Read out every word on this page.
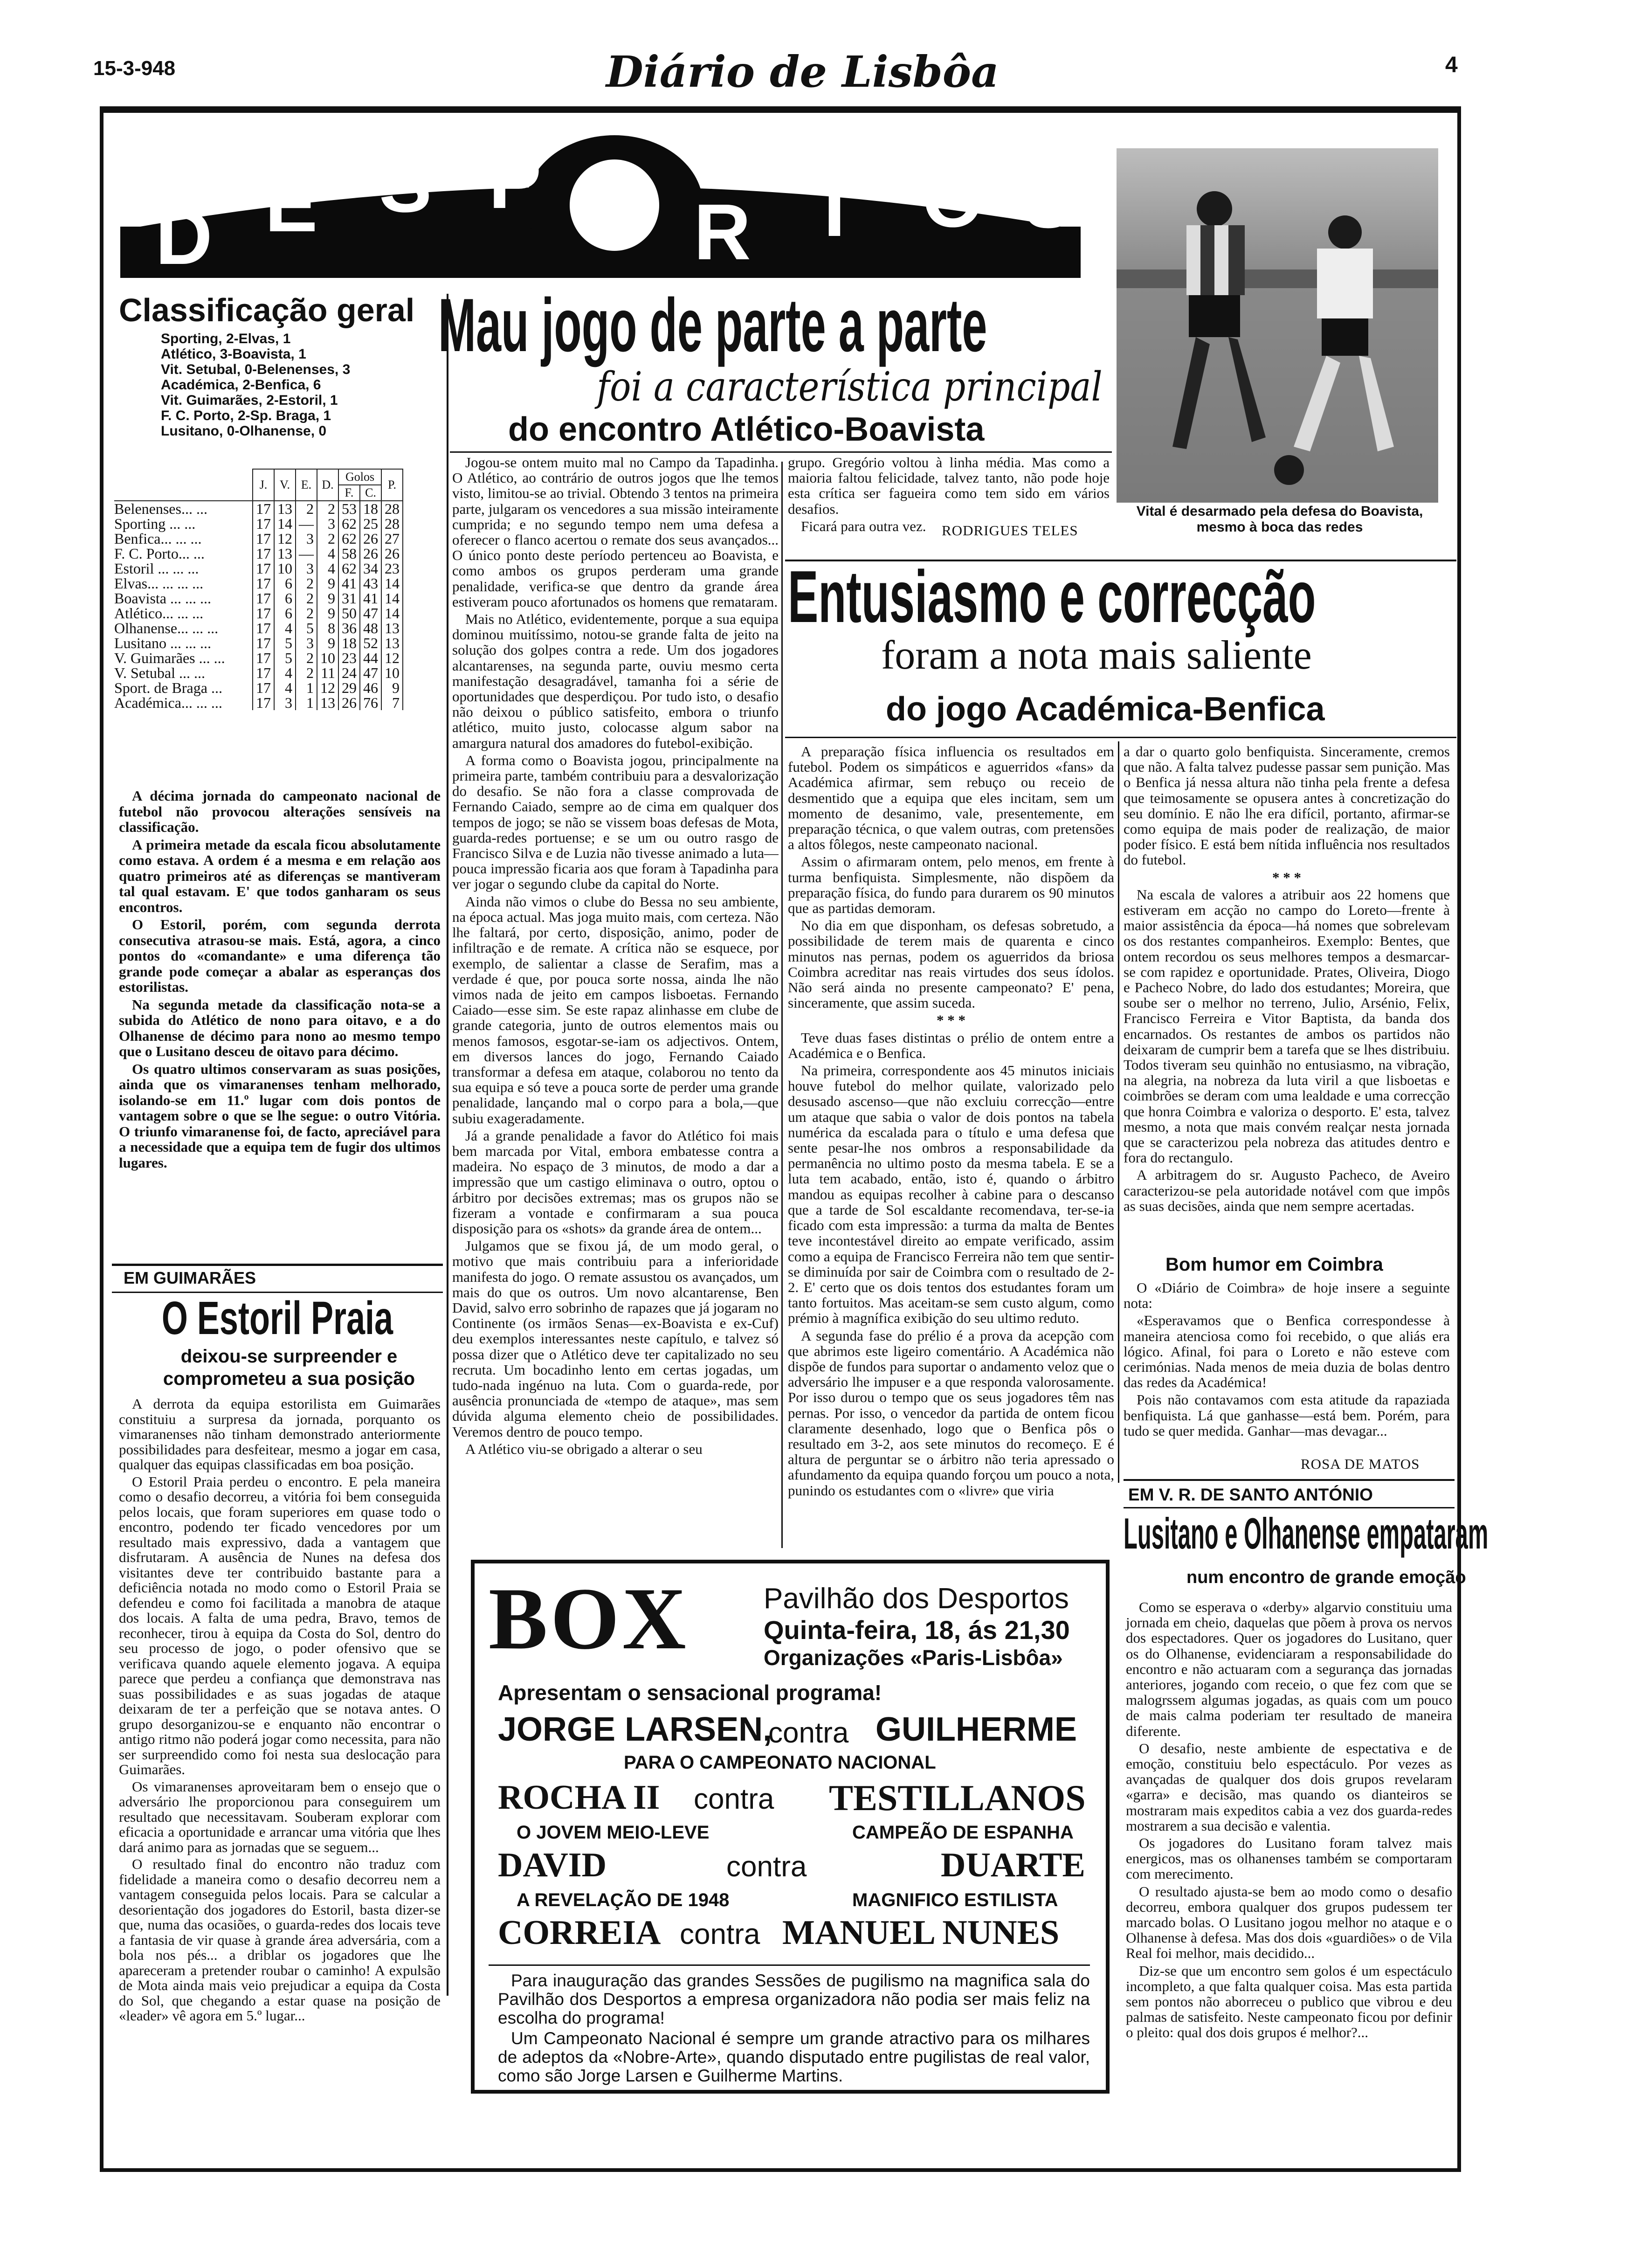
15-3-948	Diário de Lisbôa	4
D E S P
R T O S
Classificação geral
Sporting, 2-Elvas, 1
Atlético, 3-Boavista, 1
Vit. Setubal, 0-Belenenses, 3
Académica, 2-Benfica, 6
Vit. Guimarães, 2-Estoril, 1
F. C. Porto, 2-Sp. Braga, 1
Lusitano, 0-Olhanense, 0
	J.	V.	E.	D.	Golos		P.
					F.	C.	
Belenenses... ...	17	13	2	2	53	18	28
Sporting ... ...	17	14	—	3	62	25	28
Benfica... ... ...	17	12	3	2	62	26	27
F. C. Porto... ...	17	13	—	4	58	26	26
Estoril ... ... ...	17	10	3	4	62	34	23
Elvas... ... ... ...	17	6	2	9	41	43	14
Boavista ... ... ...	17	6	2	9	31	41	14
Atlético... ... ...	17	6	2	9	50	47	14
Olhanense... ... ...	17	4	5	8	36	48	13
Lusitano ... ... ...	17	5	3	9	18	52	13
V. Guimarães ... ...	17	5	2	10	23	44	12
V. Setubal ... ...	17	4	2	11	24	47	10
Sport. de Braga ...	17	4	1	12	29	46	9
Académica... ... ...	17	3	1	13	26	76	7

A décima jornada do campeonato nacional de futebol não provocou alterações sensíveis na classificação.

A primeira metade da escala ficou absolutamente como estava. A ordem é a mesma e em relação aos quatro primeiros até as diferenças se mantiveram tal qual estavam. E' que todos ganharam os seus encontros.

O Estoril, porém, com segunda derrota consecutiva atrasou-se mais. Está, agora, a cinco pontos do «comandante» e uma diferença tão grande pode começar a abalar as esperanças dos estorilistas.

Na segunda metade da classificação nota-se a subida do Atlético de nono para oitavo, e a do Olhanense de décimo para nono ao mesmo tempo que o Lusitano desceu de oitavo para décimo.

Os quatro ultimos conservaram as suas posições, ainda que os vimaranenses tenham melhorado, isolando-se em 11.º lugar com dois pontos de vantagem sobre o que se lhe segue: o outro Vitória. O triunfo vimaranense foi, de facto, apreciável para a necessidade que a equipa tem de fugir dos ultimos lugares.

EM GUIMARÃES
O Estoril Praia
deixou-se surpreender e comprometeu a sua posição

A derrota da equipa estorilista em Guimarães constituiu a surpresa da jornada, porquanto os vimaranenses não tinham demonstrado anteriormente possibilidades para desfeitear, mesmo a jogar em casa, qualquer das equipas classificadas em boa posição.

O Estoril Praia perdeu o encontro. E pela maneira como o desafio decorreu, a vitória foi bem conseguida pelos locais, que foram superiores em quase todo o encontro, podendo ter ficado vencedores por um resultado mais expressivo, dada a vantagem que disfrutaram. A ausência de Nunes na defesa dos visitantes deve ter contribuido bastante para a deficiência notada no modo como o Estoril Praia se defendeu e como foi facilitada a manobra de ataque dos locais. A falta de uma pedra, Bravo, temos de reconhecer, tirou à equipa da Costa do Sol, dentro do seu processo de jogo, o poder ofensivo que se verificava quando aquele elemento jogava. A equipa parece que perdeu a confiança que demonstrava nas suas possibilidades e as suas jogadas de ataque deixaram de ter a perfeição que se notava antes. O grupo desorganizou-se e enquanto não encontrar o antigo ritmo não poderá jogar como necessita, para não ser surpreendido como foi nesta sua deslocação para Guimarães.

Os vimaranenses aproveitaram bem o ensejo que o adversário lhe proporcionou para conseguirem um resultado que necessitavam. Souberam explorar com eficacia a oportunidade e arrancar uma vitória que lhes dará animo para as jornadas que se seguem...

O resultado final do encontro não traduz com fidelidade a maneira como o desafio decorreu nem a vantagem conseguida pelos locais. Para se calcular a desorientação dos jogadores do Estoril, basta dizer-se que, numa das ocasiões, o guarda-redes dos locais teve a fantasia de vir quase à grande área adversária, com a bola nos pés... a driblar os jogadores que lhe apareceram a pretender roubar o caminho! A expulsão de Mota ainda mais veio prejudicar a equipa da Costa do Sol, que chegando a estar quase na posição de «leader» vê agora em 5.º lugar...

Mau jogo de parte a parte
foi a característica principal
do encontro Atlético-Boavista

Jogou-se ontem muito mal no Campo da Tapadinha. O Atlético, ao contrário de outros jogos que lhe temos visto, limitou-se ao trivial. Obtendo 3 tentos na primeira parte, julgaram os vencedores a sua missão inteiramente cumprida; e no segundo tempo nem uma defesa a oferecer o flanco acertou o remate dos seus avançados... O único ponto deste período pertenceu ao Boavista, e como ambos os grupos perderam uma grande penalidade, verifica-se que dentro da grande área estiveram pouco afortunados os homens que remataram.

Mais no Atlético, evidentemente, porque a sua equipa dominou muitíssimo, notou-se grande falta de jeito na solução dos golpes contra a rede. Um dos jogadores alcantarenses, na segunda parte, ouviu mesmo certa manifestação desagradável, tamanha foi a série de oportunidades que desperdiçou. Por tudo isto, o desafio não deixou o público satisfeito, embora o triunfo atlético, muito justo, colocasse algum sabor na amargura natural dos amadores do futebol-exibição.

A forma como o Boavista jogou, principalmente na primeira parte, também contribuiu para a desvalorização do desafio. Se não fora a classe comprovada de Fernando Caiado, sempre ao de cima em qualquer dos tempos de jogo; se não se vissem boas defesas de Mota, guarda-redes portuense; e se um ou outro rasgo de Francisco Silva e de Luzia não tivesse animado a luta—pouca impressão ficaria aos que foram à Tapadinha para ver jogar o segundo clube da capital do Norte.

Ainda não vimos o clube do Bessa no seu ambiente, na época actual. Mas joga muito mais, com certeza. Não lhe faltará, por certo, disposição, animo, poder de infiltração e de remate. A crítica não se esquece, por exemplo, de salientar a classe de Serafim, mas a verdade é que, por pouca sorte nossa, ainda lhe não vimos nada de jeito em campos lisboetas. Fernando Caiado—esse sim. Se este rapaz alinhasse em clube de grande categoria, junto de outros elementos mais ou menos famosos, esgotar-se-iam os adjectivos. Ontem, em diversos lances do jogo, Fernando Caiado transformar a defesa em ataque, colaborou no tento da sua equipa e só teve a pouca sorte de perder uma grande penalidade, lançando mal o corpo para a bola,—que subiu exageradamente.

Já a grande penalidade a favor do Atlético foi mais bem marcada por Vital, embora embatesse contra a madeira. No espaço de 3 minutos, de modo a dar a impressão que um castigo eliminava o outro, optou o árbitro por decisões extremas; mas os grupos não se fizeram a vontade e confirmaram a sua pouca disposição para os «shots» da grande área de ontem...

Julgamos que se fixou já, de um modo geral, o motivo que mais contribuiu para a inferioridade manifesta do jogo. O remate assustou os avançados, um mais do que os outros. Um novo alcantarense, Ben David, salvo erro sobrinho de rapazes que já jogaram no Continente (os irmãos Senas—ex-Boavista e ex-Cuf) deu exemplos interessantes neste capítulo, e talvez só possa dizer que o Atlético deve ter capitalizado no seu recruta. Um bocadinho lento em certas jogadas, um tudo-nada ingénuo na luta. Com o guarda-rede, por ausência pronunciada de «tempo de ataque», mas sem dúvida alguma elemento cheio de possibilidades. Veremos dentro de pouco tempo.

A Atlético viu-se obrigado a alterar o seu

grupo. Gregório voltou à linha média. Mas como a maioria faltou felicidade, talvez tanto, não pode hoje esta crítica ser fagueira como tem sido em vários desafios.

Ficará para outra vez.	RODRIGUES TELES
Vital é desarmado pela defesa do Boavista, mesmo à boca das redes
Entusiasmo e correcção
foram a nota mais saliente
do jogo Académica-Benfica

A preparação física influencia os resultados em futebol. Podem os simpáticos e aguerridos «fans» da Académica afirmar, sem rebuço ou receio de desmentido que a equipa que eles incitam, sem um momento de desanimo, vale, presentemente, em preparação técnica, o que valem outras, com pretensões a altos fôlegos, neste campeonato nacional.

Assim o afirmaram ontem, pelo menos, em frente à turma benfiquista. Simplesmente, não dispõem da preparação física, do fundo para durarem os 90 minutos que as partidas demoram.

No dia em que disponham, os defesas sobretudo, a possibilidade de terem mais de quarenta e cinco minutos nas pernas, podem os aguerridos da briosa Coimbra acreditar nas reais virtudes dos seus ídolos. Não será ainda no presente campeonato? E' pena, sinceramente, que assim suceda.

* * *

Teve duas fases distintas o prélio de ontem entre a Académica e o Benfica.

Na primeira, correspondente aos 45 minutos iniciais houve futebol do melhor quilate, valorizado pelo desusado ascenso—que não excluiu correcção—entre um ataque que sabia o valor de dois pontos na tabela numérica da escalada para o título e uma defesa que sente pesar-lhe nos ombros a responsabilidade da permanência no ultimo posto da mesma tabela. E se a luta tem acabado, então, isto é, quando o árbitro mandou as equipas recolher à cabine para o descanso que a tarde de Sol escaldante recomendava, ter-se-ia ficado com esta impressão: a turma da malta de Bentes teve incontestável direito ao empate verificado, assim como a equipa de Francisco Ferreira não tem que sentir-se diminuída por sair de Coimbra com o resultado de 2-2. E' certo que os dois tentos dos estudantes foram um tanto fortuitos. Mas aceitam-se sem custo algum, como prémio à magnífica exibição do seu ultimo reduto.

A segunda fase do prélio é a prova da acepção com que abrimos este ligeiro comentário. A Académica não dispõe de fundos para suportar o andamento veloz que o adversário lhe impuser e a que responda valorosamente. Por isso durou o tempo que os seus jogadores têm nas pernas. Por isso, o vencedor da partida de ontem ficou claramente desenhado, logo que o Benfica pôs o resultado em 3-2, aos sete minutos do recomeço. E é altura de perguntar se o árbitro não teria apressado o afundamento da equipa quando forçou um pouco a nota, punindo os estudantes com o «livre» que viria

a dar o quarto golo benfiquista. Sinceramente, cremos que não. A falta talvez pudesse passar sem punição. Mas o Benfica já nessa altura não tinha pela frente a defesa que teimosamente se opusera antes à concretização do seu domínio. E não lhe era difícil, portanto, afirmar-se como equipa de mais poder de realização, de maior poder físico. E está bem nítida influência nos resultados do futebol.

* * *

Na escala de valores a atribuir aos 22 homens que estiveram em acção no campo do Loreto—frente à maior assistência da época—há nomes que sobrelevam os dos restantes companheiros. Exemplo: Bentes, que ontem recordou os seus melhores tempos a desmarcar-se com rapidez e oportunidade. Prates, Oliveira, Diogo e Pacheco Nobre, do lado dos estudantes; Moreira, que soube ser o melhor no terreno, Julio, Arsénio, Felix, Francisco Ferreira e Vitor Baptista, da banda dos encarnados. Os restantes de ambos os partidos não deixaram de cumprir bem a tarefa que se lhes distribuiu. Todos tiveram seu quinhão no entusiasmo, na vibração, na alegria, na nobreza da luta viril a que lisboetas e coimbrões se deram com uma lealdade e uma correcção que honra Coimbra e valoriza o desporto. E' esta, talvez mesmo, a nota que mais convém realçar nesta jornada que se caracterizou pela nobreza das atitudes dentro e fora do rectangulo.

A arbitragem do sr. Augusto Pacheco, de Aveiro caracterizou-se pela autoridade notável com que impôs as suas decisões, ainda que nem sempre acertadas.

Bom humor em Coimbra

O «Diário de Coimbra» de hoje insere a seguinte nota:

«Esperavamos que o Benfica correspondesse à maneira atenciosa como foi recebido, o que aliás era lógico. Afinal, foi para o Loreto e não esteve com cerimónias. Nada menos de meia duzia de bolas dentro das redes da Académica!

Pois não contavamos com esta atitude da rapaziada benfiquista. Lá que ganhasse—está bem. Porém, para tudo se quer medida. Ganhar—mas devagar...

ROSA DE MATOS
EM V. R. DE SANTO ANTÓNIO
Lusitano e Olhanense empataram
num encontro de grande emoção

Como se esperava o «derby» algarvio constituiu uma jornada em cheio, daquelas que põem à prova os nervos dos espectadores. Quer os jogadores do Lusitano, quer os do Olhanense, evidenciaram a responsabilidade do encontro e não actuaram com a segurança das jornadas anteriores, jogando com receio, o que fez com que se malogrssem algumas jogadas, as quais com um pouco de mais calma poderiam ter resultado de maneira diferente.

O desafio, neste ambiente de espectativa e de emoção, constituiu belo espectáculo. Por vezes as avançadas de qualquer dos dois grupos revelaram «garra» e decisão, mas quando os dianteiros se mostraram mais expeditos cabia a vez dos guarda-redes mostrarem a sua decisão e valentia.

Os jogadores do Lusitano foram talvez mais energicos, mas os olhanenses também se comportaram com merecimento.

O resultado ajusta-se bem ao modo como o desafio decorreu, embora qualquer dos grupos pudessem ter marcado bolas. O Lusitano jogou melhor no ataque e o Olhanense à defesa. Mas dos dois «guardiões» o de Vila Real foi melhor, mais decidido...

Diz-se que um encontro sem golos é um espectáculo incompleto, a que falta qualquer coisa. Mas esta partida sem pontos não aborreceu o publico que vibrou e deu palmas de satisfeito. Neste campeonato ficou por definir o pleito: qual dos dois grupos é melhor?...

BOX	Pavilhão dos Desportos
Quinta-feira, 18, ás 21,30
Organizações «Paris-Lisbôa»
Apresentam o sensacional programa!
JORGE LARSEN,
contra GUILHERME
PARA O CAMPEONATO NACIONAL
ROCHA II contra TESTILLANOS
O JOVEM MEIO-LEVE	CAMPEÃO DE ESPANHA
DAVID	contra	DUARTE
A REVELAÇÃO DE 1948	MAGNIFICO ESTILISTA
CORREIA contra MANUEL NUNES

Para inauguração das grandes Sessões de pugilismo na magnifica sala do Pavilhão dos Desportos a empresa organizadora não podia ser mais feliz na escolha do programa!

Um Campeonato Nacional é sempre um grande atractivo para os milhares de adeptos da «Nobre-Arte», quando disputado entre pugilistas de real valor, como são Jorge Larsen e Guilherme Martins.
